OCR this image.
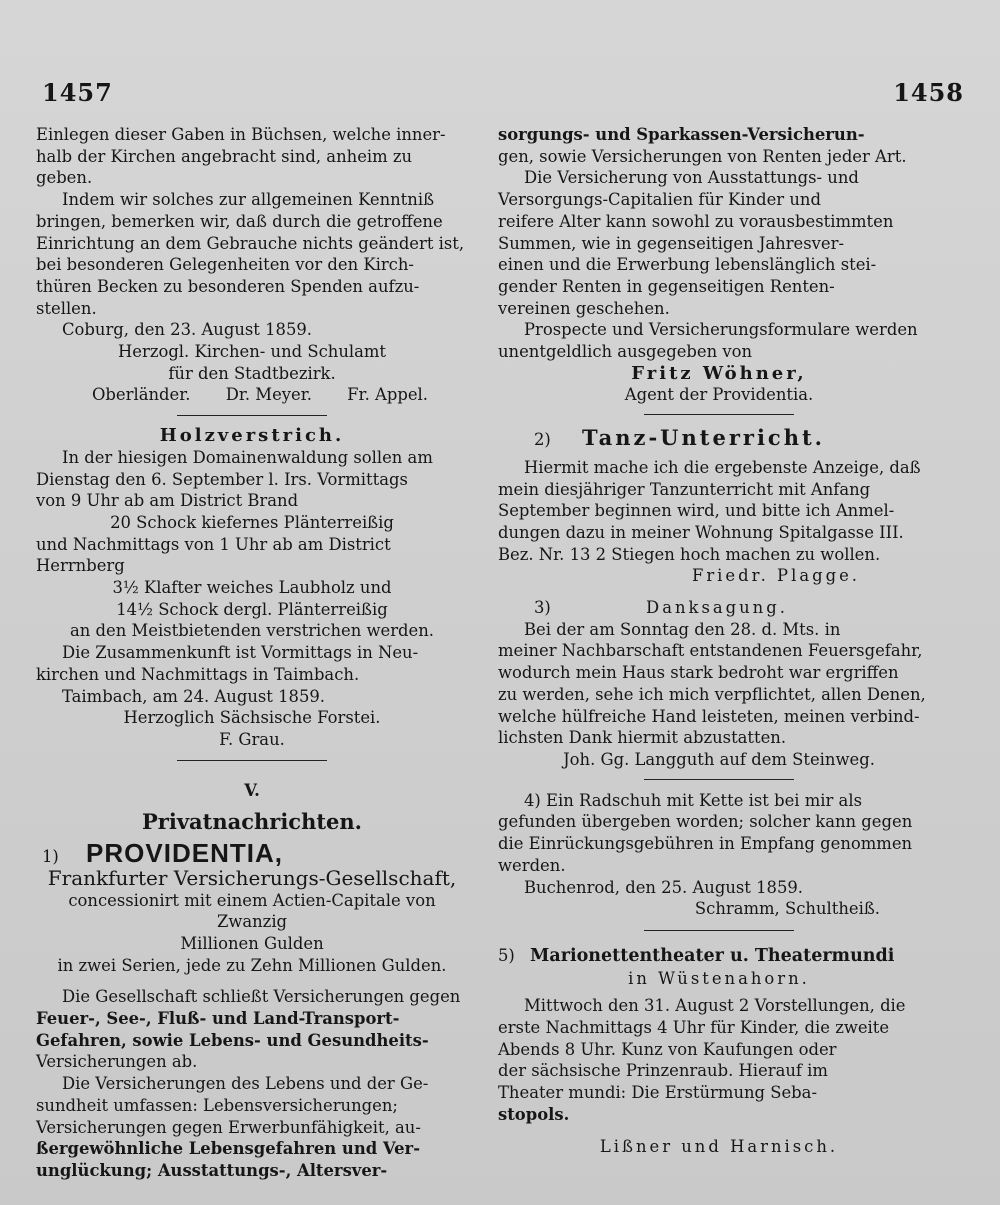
1457	1458

Einlegen dieser Gaben in Büchsen, welche inner-

halb der Kirchen angebracht sind, anheim zu

geben.

Indem wir solches zur allgemeinen Kenntniß

bringen, bemerken wir, daß durch die getroffene

Einrichtung an dem Gebrauche nichts geändert ist,

bei besonderen Gelegenheiten vor den Kirch-

thüren Becken zu besonderen Spenden aufzu-

stellen.

Coburg, den 23. August 1859.

Herzogl. Kirchen- und Schulamt

für den Stadtbezirk.

Oberländer. Dr. Meyer. Fr. Appel.

Holzverstrich.

In der hiesigen Domainenwaldung sollen am

Dienstag den 6. September l. Irs. Vormittags

von 9 Uhr ab am District Brand

20 Schock kiefernes Plänterreißig

und Nachmittags von 1 Uhr ab am District

Herrnberg

3½ Klafter weiches Laubholz und

14½ Schock dergl. Plänterreißig

an den Meistbietenden verstrichen werden.

Die Zusammenkunft ist Vormittags in Neu-

kirchen und Nachmittags in Taimbach.

Taimbach, am 24. August 1859.

Herzoglich Sächsische Forstei.

F. Grau.

V.

Privatnachrichten.

1) PROVIDENTIA,

Frankfurter Versicherungs-Gesellschaft,

concessionirt mit einem Actien-Capitale von Zwanzig

Millionen Gulden

in zwei Serien, jede zu Zehn Millionen Gulden.

Die Gesellschaft schließt Versicherungen gegen

Feuer-, See-, Fluß- und Land-Transport-

Gefahren, sowie Lebens- und Gesundheits-

Versicherungen ab.

Die Versicherungen des Lebens und der Ge-

sundheit umfassen: Lebensversicherungen;

Versicherungen gegen Erwerbunfähigkeit, au-

ßergewöhnliche Lebensgefahren und Ver-

unglückung; Ausstattungs-, Altersver-

sorgungs- und Sparkassen-Versicherun-

gen, sowie Versicherungen von Renten jeder Art.

Die Versicherung von Ausstattungs- und

Versorgungs-Capitalien für Kinder und

reifere Alter kann sowohl zu vorausbestimmten

Summen, wie in gegenseitigen Jahresver-

einen und die Erwerbung lebenslänglich stei-

gender Renten in gegenseitigen Renten-

vereinen geschehen.

Prospecte und Versicherungsformulare werden

unentgeldlich ausgegeben von

Fritz Wöhner,

Agent der Providentia.

2) Tanz-Unterricht.

Hiermit mache ich die ergebenste Anzeige, daß

mein diesjähriger Tanzunterricht mit Anfang

September beginnen wird, und bitte ich Anmel-

dungen dazu in meiner Wohnung Spitalgasse III.

Bez. Nr. 13 2 Stiegen hoch machen zu wollen.

Friedr. Plagge.

3)	Danksagung.

Bei der am Sonntag den 28. d. Mts. in

meiner Nachbarschaft entstandenen Feuersgefahr,

wodurch mein Haus stark bedroht war ergriffen

zu werden, sehe ich mich verpflichtet, allen Denen,

welche hülfreiche Hand leisteten, meinen verbind-

lichsten Dank hiermit abzustatten.

Joh. Gg. Langguth auf dem Steinweg.

4) Ein Radschuh mit Kette ist bei mir als

gefunden übergeben worden; solcher kann gegen

die Einrückungsgebühren in Empfang genommen

werden.

Buchenrod, den 25. August 1859.

Schramm, Schultheiß.

5) Marionettentheater u. Theatermundi

in Wüstenahorn.

Mittwoch den 31. August 2 Vorstellungen, die

erste Nachmittags 4 Uhr für Kinder, die zweite

Abends 8 Uhr. Kunz von Kaufungen oder

der sächsische Prinzenraub. Hierauf im

Theater mundi: Die Erstürmung Seba-

stopols.

Lißner und Harnisch.
